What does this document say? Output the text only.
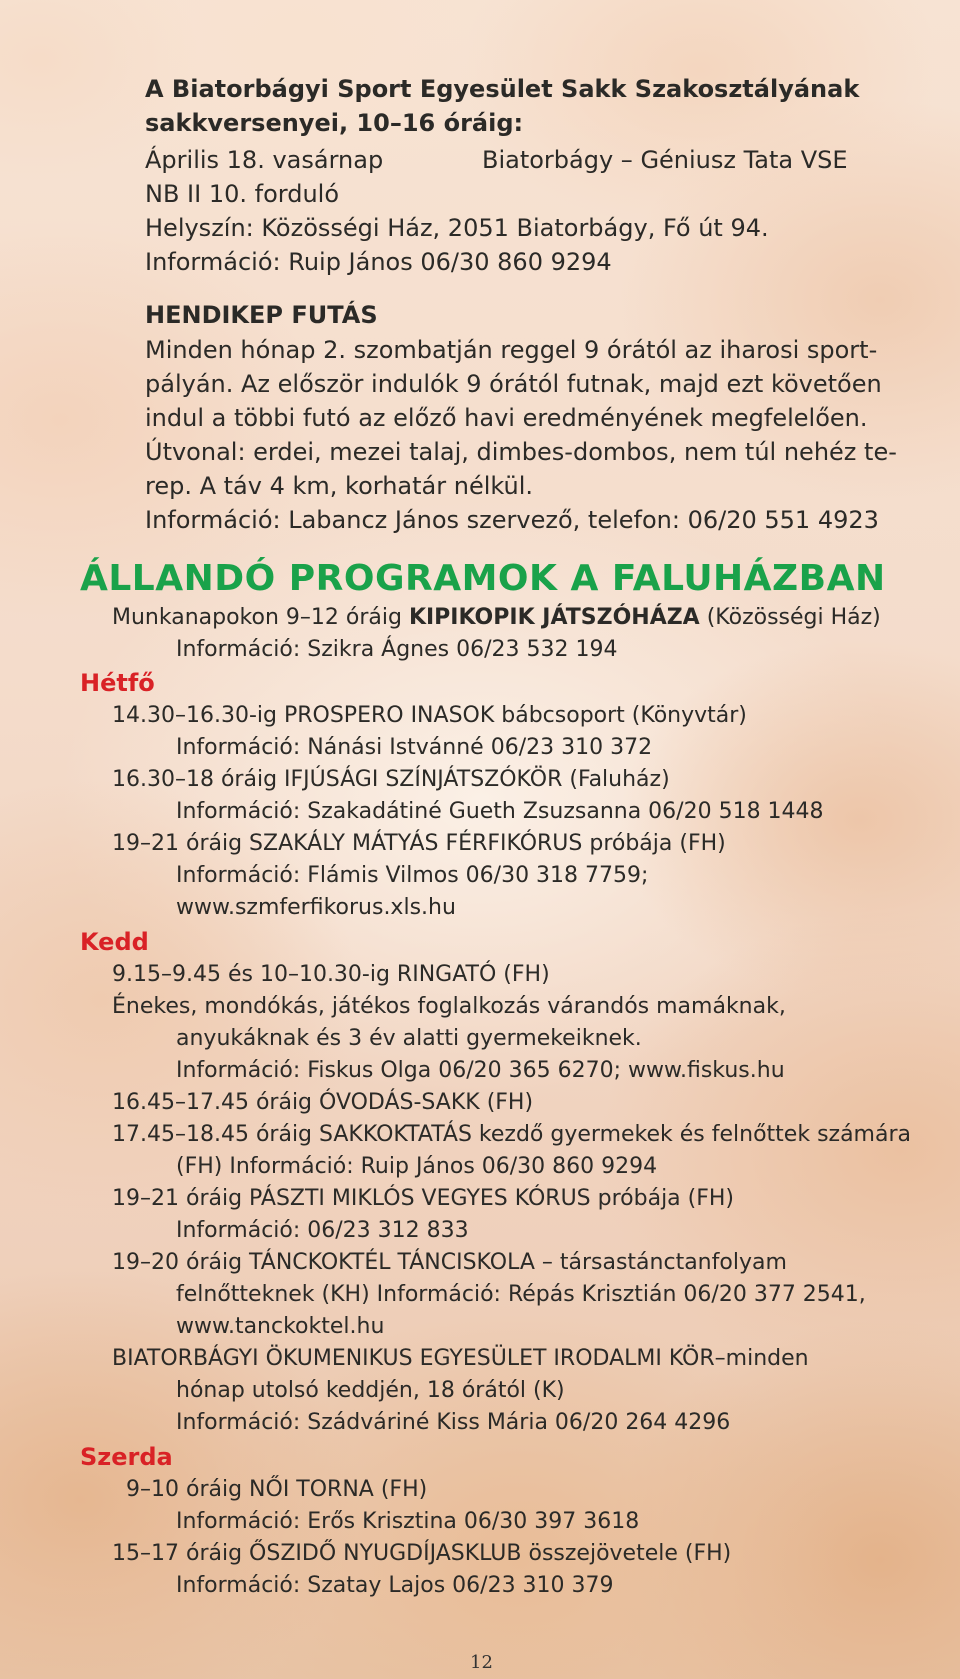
A Biatorbágyi Sport Egyesület Sakk Szakosztályának
sakkversenyei, 10–16 óráig:
Április 18. vasárnap	Biatorbágy – Géniusz Tata VSE
NB II 10. forduló
Helyszín: Közösségi Ház, 2051 Biatorbágy, Fő út 94.
Információ: Ruip János 06/30 860 9294
HENDIKEP FUTÁS
Minden hónap 2. szombatján reggel 9 órától az iharosi sport-
pályán. Az először indulók 9 órától futnak, majd ezt követően
indul a többi futó az előző havi eredményének megfelelően.
Útvonal: erdei, mezei talaj, dimbes-dombos, nem túl nehéz te-
rep. A táv 4 km, korhatár nélkül.
Információ: Labancz János szervező, telefon: 06/20 551 4923
ÁLLANDÓ PROGRAMOK A FALUHÁZBAN
Munkanapokon 9–12 óráig KIPIKOPIK JÁTSZÓHÁZA (Közösségi Ház)
Információ: Szikra Ágnes 06/23 532 194
Hétfő
14.30–16.30-ig PROSPERO INASOK bábcsoport (Könyvtár)
Információ: Nánási Istvánné 06/23 310 372
16.30–18 óráig IFJÚSÁGI SZÍNJÁTSZÓKÖR (Faluház)
Információ: Szakadátiné Gueth Zsuzsanna 06/20 518 1448
19–21 óráig SZAKÁLY MÁTYÁS FÉRFIKÓRUS próbája (FH)
Információ: Flámis Vilmos 06/30 318 7759;
www.szmferfikorus.xls.hu
Kedd
9.15–9.45 és 10–10.30-ig RINGATÓ (FH)
Énekes, mondókás, játékos foglalkozás várandós mamáknak,
anyukáknak és 3 év alatti gyermekeiknek.
Információ: Fiskus Olga 06/20 365 6270; www.fiskus.hu
16.45–17.45 óráig ÓVODÁS-SAKK (FH)
17.45–18.45 óráig SAKKOKTATÁS kezdő gyermekek és felnőttek számára
(FH) Információ: Ruip János 06/30 860 9294
19–21 óráig PÁSZTI MIKLÓS VEGYES KÓRUS próbája (FH)
Információ: 06/23 312 833
19–20 óráig TÁNCKOKTÉL TÁNCISKOLA – társastánctanfolyam
felnőtteknek (KH) Információ: Répás Krisztián 06/20 377 2541,
www.tanckoktel.hu
BIATORBÁGYI ÖKUMENIKUS EGYESÜLET IRODALMI KÖR–minden
hónap utolsó keddjén, 18 órától (K)
Információ: Szádváriné Kiss Mária 06/20 264 4296
Szerda
9–10 óráig NŐI TORNA (FH)
Információ: Erős Krisztina 06/30 397 3618
15–17 óráig ŐSZIDŐ NYUGDÍJASKLUB összejövetele (FH)
Információ: Szatay Lajos 06/23 310 379
12
